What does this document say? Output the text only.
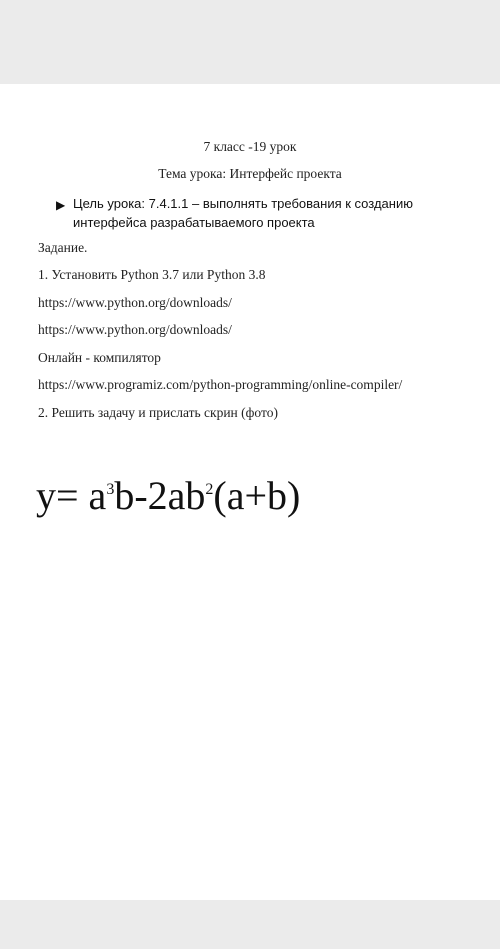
7 класс -19 урок
Тема урока: Интерфейс проекта
▶ Цель урока: 7.4.1.1 – выполнять требования к созданию интерфейса разрабатываемого проекта
Задание.
1. Установить Python 3.7 или Python 3.8
https://www.python.org/downloads/
https://www.python.org/downloads/
Онлайн - компилятор
https://www.programiz.com/python-programming/online-compiler/
2. Решить задачу и прислать скрин (фото)
$y= a^3b-2ab^2(a+b)$
